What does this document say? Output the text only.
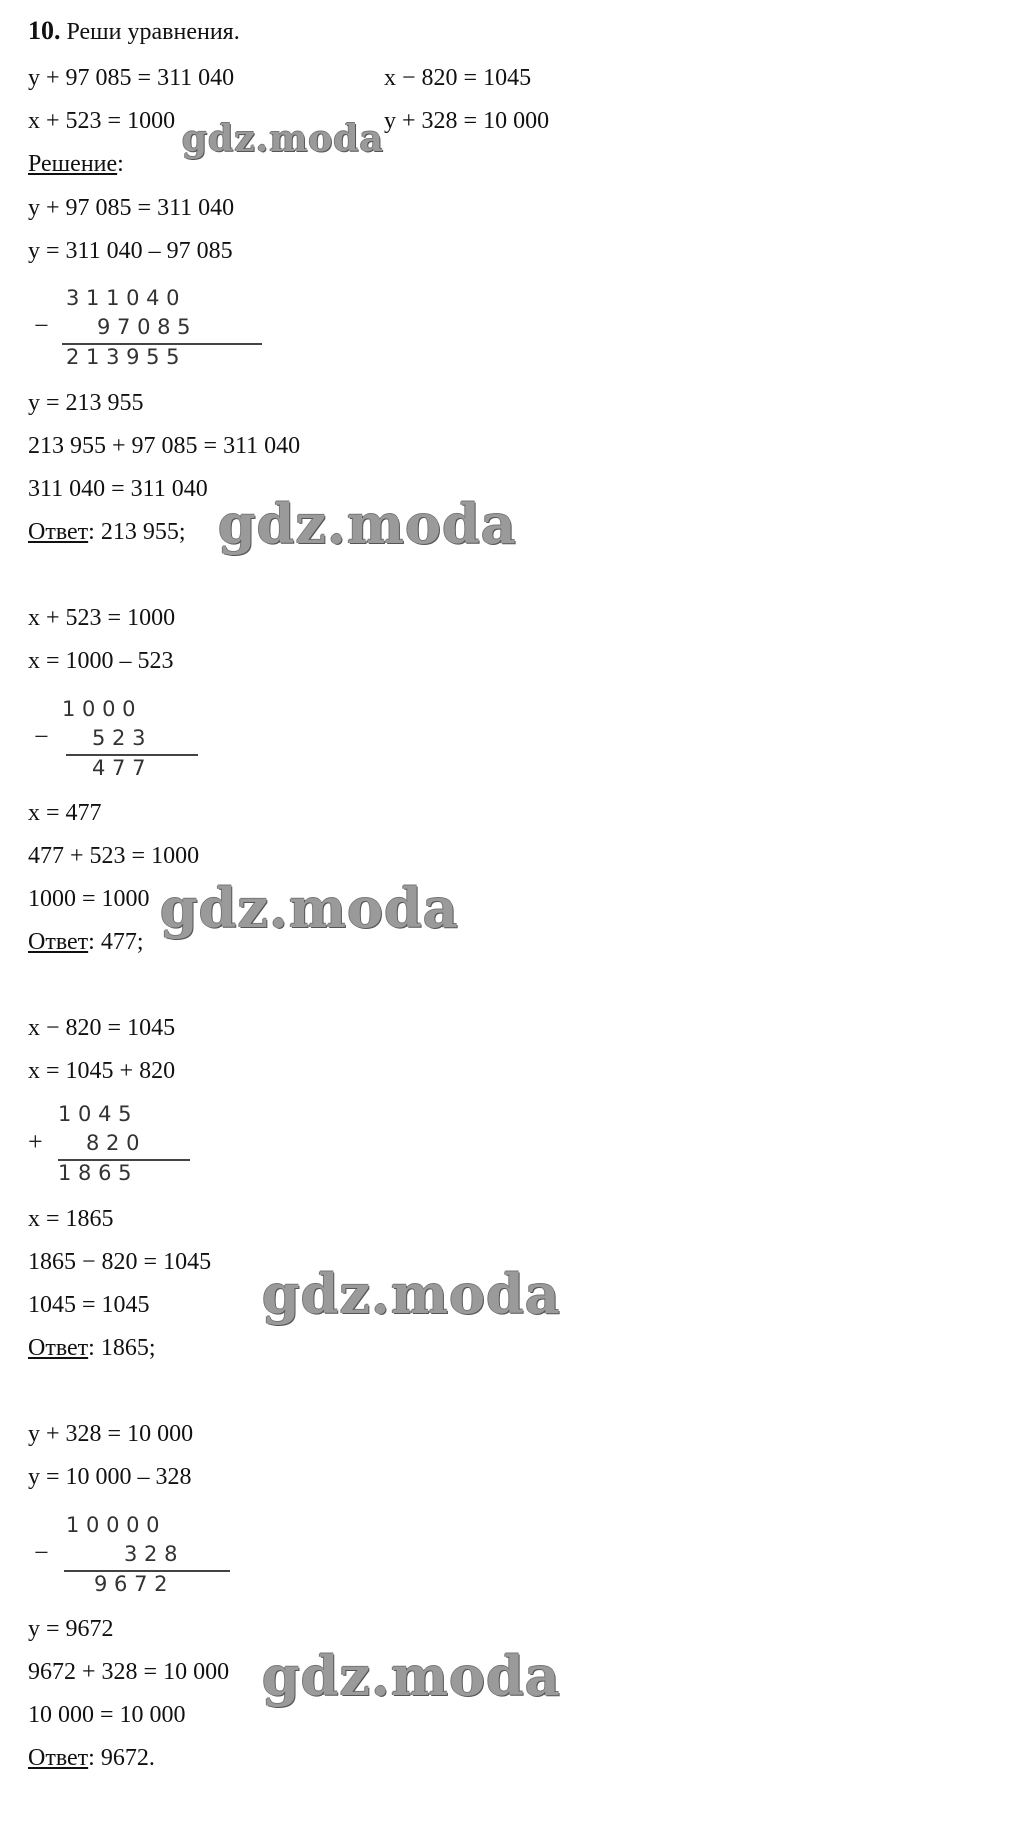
10. Реши уравнения.
y + 97 085 = 311 040	x − 820 = 1045
x + 523 = 1000	y + 328 = 10 000
Решение:
y + 97 085 = 311 040
y = 311 040 – 97 085
−
3 1 1 0 4 0
9 7 0 8 5
2 1 3 9 5 5
y = 213 955
213 955 + 97 085 = 311 040
311 040 = 311 040
Ответ: 213 955;
x + 523 = 1000
x = 1000 – 523
−
1 0 0 0
5 2 3
4 7 7
x = 477
477 + 523 = 1000
1000 = 1000
Ответ: 477;
x − 820 = 1045
x = 1045 + 820
+
1 0 4 5
8 2 0
1 8 6 5
x = 1865
1865 − 820 = 1045
1045 = 1045
Ответ: 1865;
y + 328 = 10 000
y = 10 000 – 328
−
1 0 0 0 0
3 2 8
9 6 7 2
y = 9672
9672 + 328 = 10 000
10 000 = 10 000
Ответ: 9672.
gdz.moda
gdz.moda
gdz.moda
gdz.moda
gdz.moda
